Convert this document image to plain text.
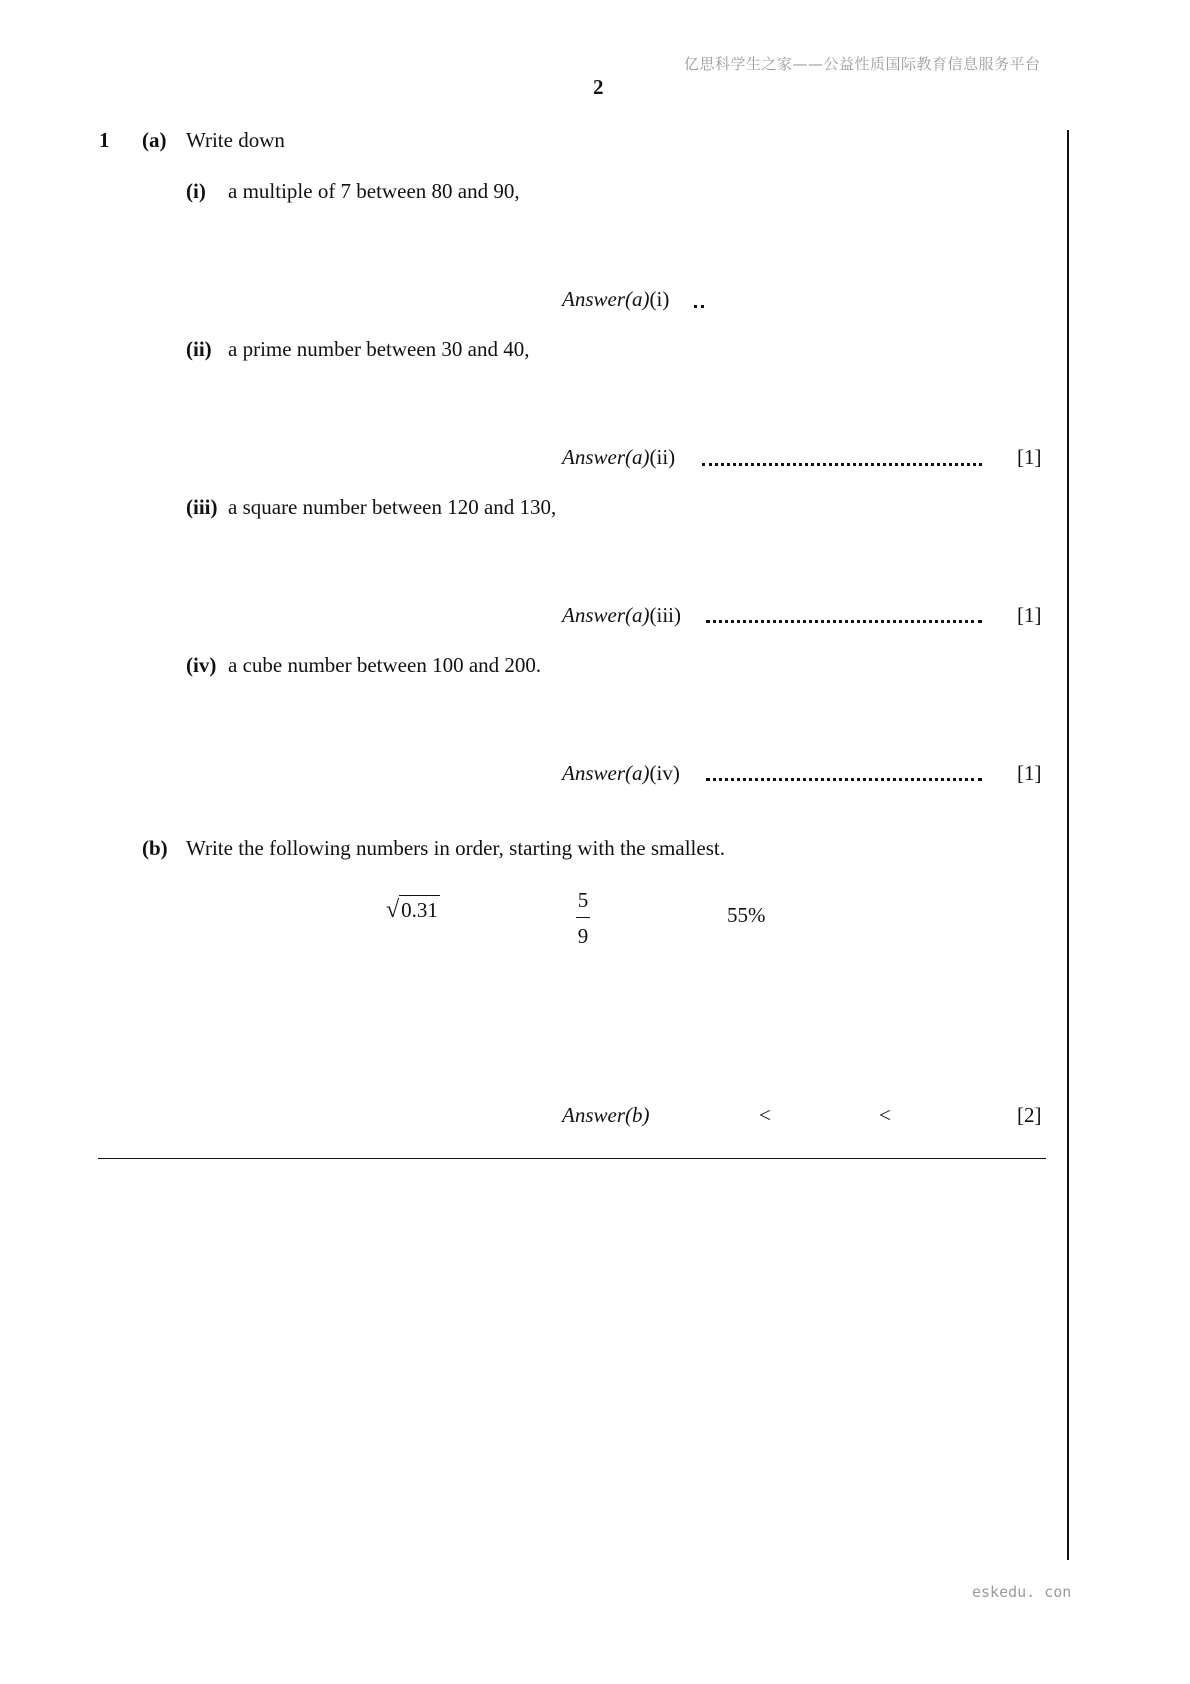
亿思科学生之家——公益性质国际教育信息服务平台
2
1 (a) Write down
(i) a multiple of 7 between 80 and 90,
Answer(a)(i)
(ii) a prime number between 30 and 40,
Answer(a)(ii)	[1]
(iii) a square number between 120 and 130,
Answer(a)(iii)	[1]
(iv) a cube number between 100 and 200.
Answer(a)(iv)	[1]
(b) Write the following numbers in order, starting with the smallest.
√0.31	5
9
55%
Answer(b)	<	<	[2]
eskedu. con
